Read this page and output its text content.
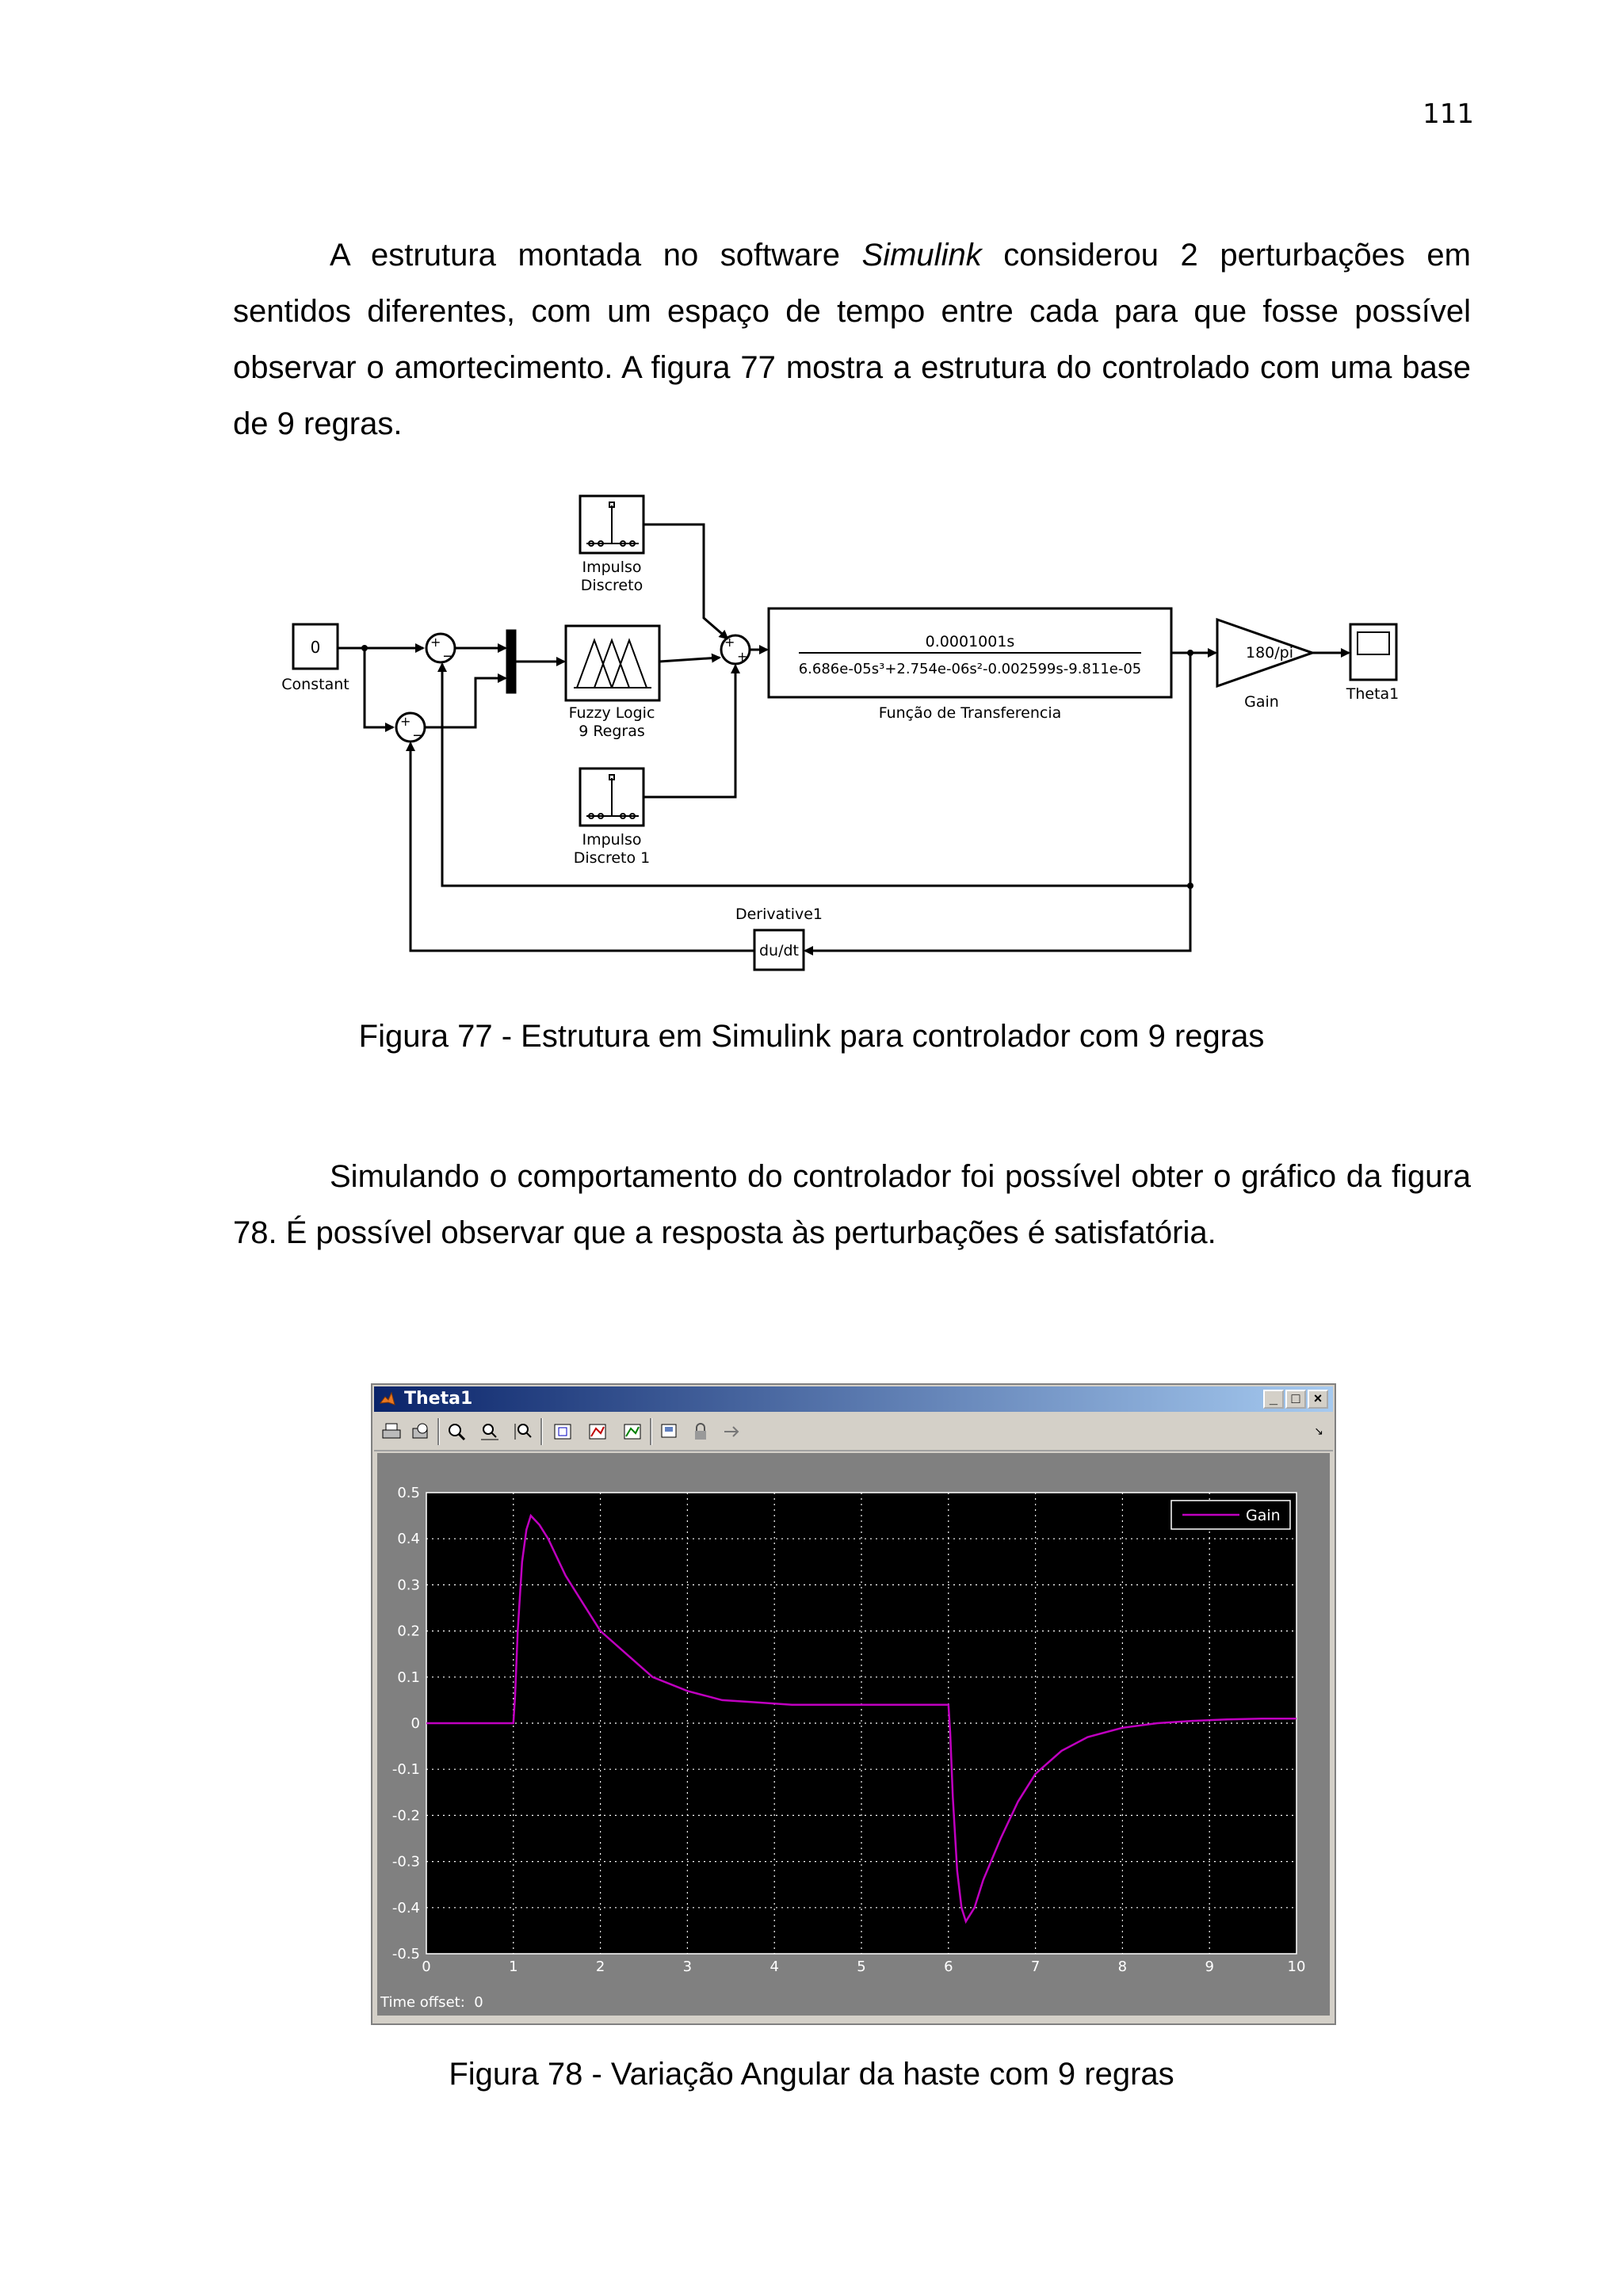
111

A estrutura montada no software Simulink considerou 2 perturbações em sentidos diferentes, com um espaço de tempo entre cada para que fosse possível observar o amortecimento. A figura 77 mostra a estrutura do controlado com uma base de 9 regras.

+
−
+
−
+
+
0
Constant
Impulso
Discreto
Fuzzy Logic
9 Regras
Impulso
Discreto 1
0.0001001s
6.686e-05s³+2.754e-06s²-0.002599s-9.811e-05
Função de Transferencia
180/pi
Gain	Theta1
Derivative1
du/dt
Figura 77 - Estrutura em Simulink para controlador com 9 regras

Simulando o comportamento do controlador foi possível obter o gráfico da figura 78. É possível observar que a resposta às perturbações é satisfatória.

Theta1	_ □ ×
↘
0	1	2	3	4	5	6	7	8	9	10
0.5
0.4
0.3
0.2
0.1
0
-0.1
-0.2
-0.3
-0.4
-0.5
Gain
Time offset: 0
Figura 78 - Variação Angular da haste com 9 regras
